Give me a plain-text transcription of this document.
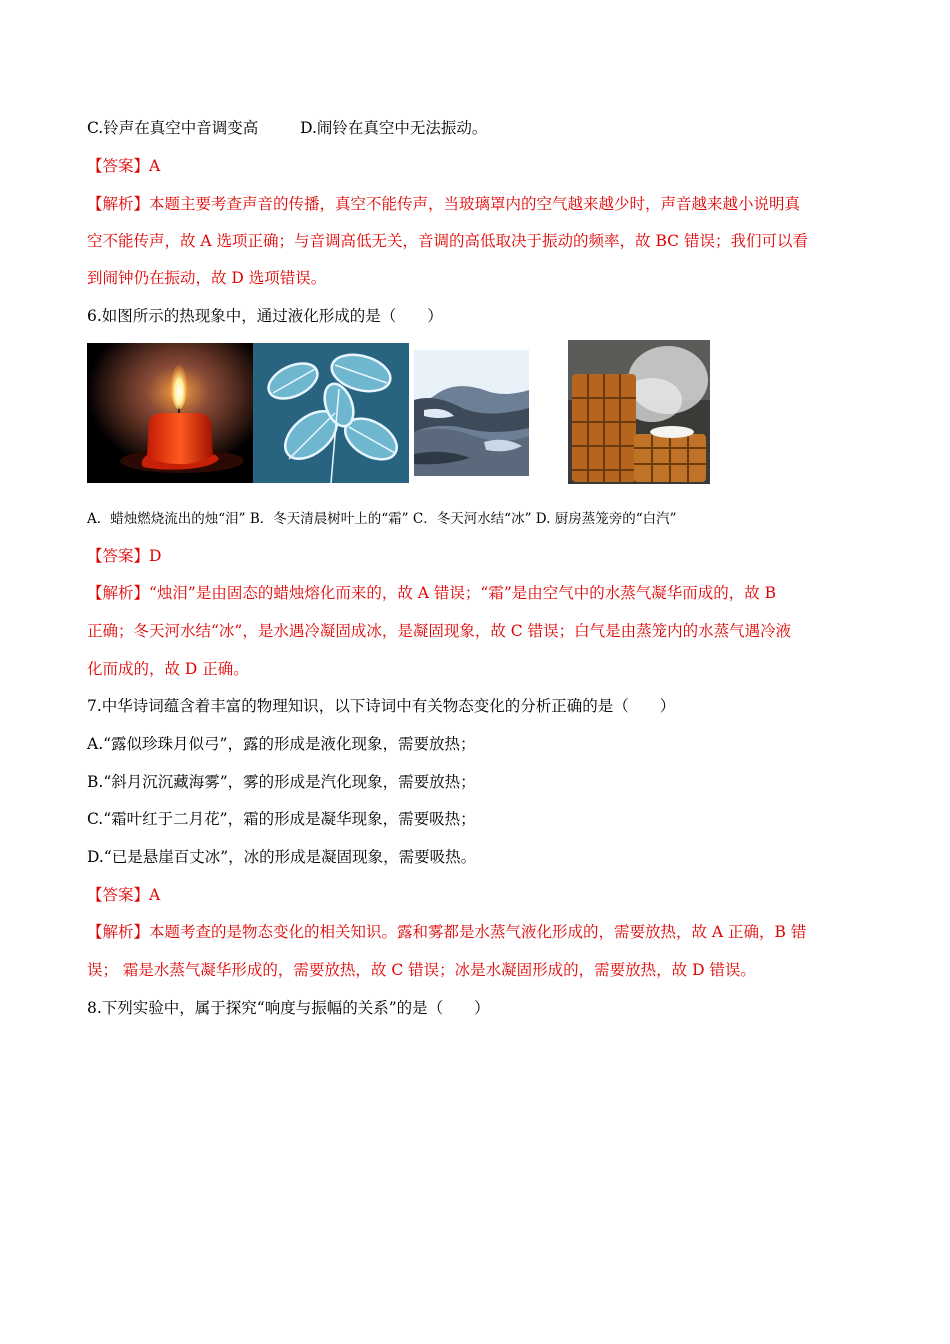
C.铃声在真空中音调变高	D.闹铃在真空中无法振动。
【答案】A
【解析】本题主要考查声音的传播，真空不能传声，当玻璃罩内的空气越来越少时，声音越来越小说明真
空不能传声，故 A 选项正确；与音调高低无关，音调的高低取决于振动的频率，故 BC 错误；我们可以看
到闹钟仍在振动，故 D 选项错误。
6.如图所示的热现象中，通过液化形成的是（　　）
A．蜡烛燃烧流出的烛“泪” B．冬天清晨树叶上的“霜” C．冬天河水结“冰” D. 厨房蒸笼旁的“白汽”
【答案】D
【解析】“烛泪”是由固态的蜡烛熔化而来的，故 A 错误；“霜”是由空气中的水蒸气凝华而成的，故 B
正确；冬天河水结“冰”，是水遇冷凝固成冰，是凝固现象，故 C 错误；白气是由蒸笼内的水蒸气遇冷液
化而成的，故 D 正确。
7.中华诗词蕴含着丰富的物理知识，以下诗词中有关物态变化的分析正确的是（　　）
A.“露似珍珠月似弓”，露的形成是液化现象，需要放热；
B.“斜月沉沉藏海雾”，雾的形成是汽化现象，需要放热；
C.“霜叶红于二月花”，霜的形成是凝华现象，需要吸热；
D.“已是悬崖百丈冰”，冰的形成是凝固现象，需要吸热。
【答案】A
【解析】本题考查的是物态变化的相关知识。露和雾都是水蒸气液化形成的，需要放热，故 A 正确，B 错
误； 霜是水蒸气凝华形成的，需要放热，故 C 错误；冰是水凝固形成的，需要放热，故 D 错误。
8.下列实验中，属于探究“响度与振幅的关系”的是（　　）
